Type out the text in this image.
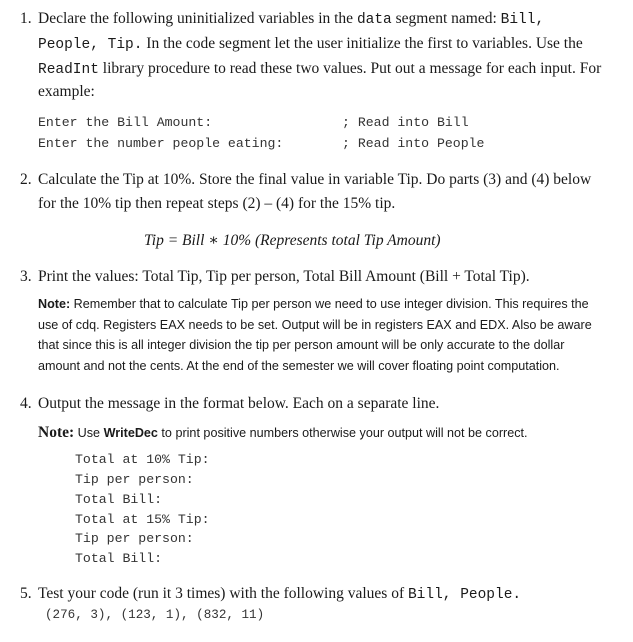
1. Declare the following uninitialized variables in the data segment named: Bill,
People, Tip. In the code segment let the user initialize the first to variables. Use the
ReadInt library procedure to read these two values. Put out a message for each input. For
example:
Enter the Bill Amount:	; Read into Bill
Enter the number people eating:	; Read into People
2. Calculate the Tip at 10%. Store the final value in variable Tip. Do parts (3) and (4) below
for the 10% tip then repeat steps (2) – (4) for the 15% tip.
Tip = Bill ∗ 10% (Represents total Tip Amount)
3. Print the values: Total Tip, Tip per person, Total Bill Amount (Bill + Total Tip).
Note: Remember that to calculate Tip per person we need to use integer division. This requires the
use of cdq. Registers EAX needs to be set. Output will be in registers EAX and EDX. Also be aware
that since this is all integer division the tip per person amount will be only accurate to the dollar
amount and not the cents. At the end of the semester we will cover floating point computation.
4. Output the message in the format below. Each on a separate line.
Note: Use WriteDec to print positive numbers otherwise your output will not be correct.
Total at 10% Tip:
Tip per person:
Total Bill:
Total at 15% Tip:
Tip per person:
Total Bill:
5. Test your code (run it 3 times) with the following values of Bill, People.
(276, 3), (123, 1), (832, 11)
